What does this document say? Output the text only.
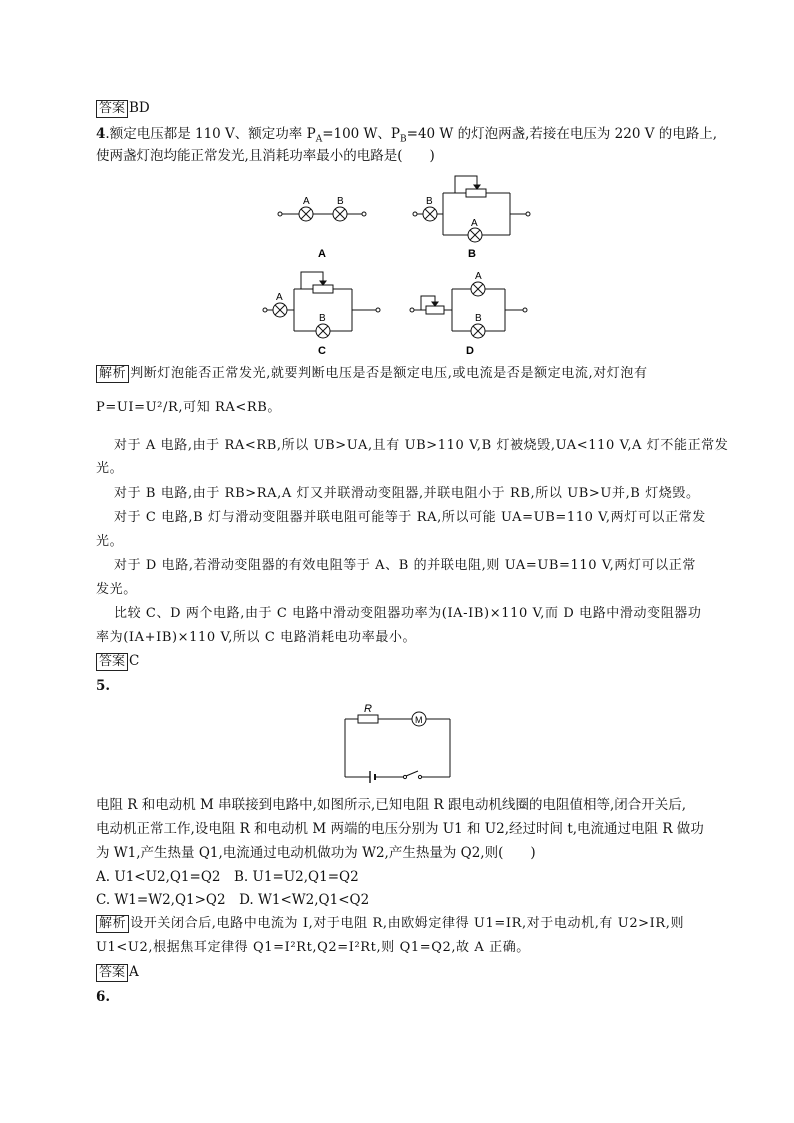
答案 BD
4.额定电压都是 110 V、额定功率 $P_A=100$ W、$P_B=40$ W 的灯泡两盏,若接在电压为 220 V 的电路上,
使两盏灯泡均能正常发光,且消耗功率最小的电路是(　　)
A	B
A
B
A
B
A
B
C
A
B
D
解析 判断灯泡能否正常发光,就要判断电压是否是额定电压,或电流是否是额定电流,对灯泡有
P=UI=U²/R,可知 RA<RB。
对于 A 电路,由于 RA<RB,所以 UB>UA,且有 UB>110 V,B 灯被烧毁,UA<110 V,A 灯不能正常发
光。
对于 B 电路,由于 RB>RA,A 灯又并联滑动变阻器,并联电阻小于 RB,所以 UB>U并,B 灯烧毁。
对于 C 电路,B 灯与滑动变阻器并联电阻可能等于 RA,所以可能 UA=UB=110 V,两灯可以正常发
光。
对于 D 电路,若滑动变阻器的有效电阻等于 A、B 的并联电阻,则 UA=UB=110 V,两灯可以正常
发光。
比较 C、D 两个电路,由于 C 电路中滑动变阻器功率为(IA-IB)×110 V,而 D 电路中滑动变阻器功
率为(IA+IB)×110 V,所以 C 电路消耗电功率最小。
答案 C
5.
R
M
电阻 R 和电动机 M 串联接到电路中,如图所示,已知电阻 R 跟电动机线圈的电阻值相等,闭合开关后,
电动机正常工作,设电阻 R 和电动机 M 两端的电压分别为 U1 和 U2,经过时间 t,电流通过电阻 R 做功
为 W1,产生热量 Q1,电流通过电动机做功为 W2,产生热量为 Q2,则(　　)
A. U1<U2,Q1=Q2　B. U1=U2,Q1=Q2
C. W1=W2,Q1>Q2　D. W1<W2,Q1<Q2
解析 设开关闭合后,电路中电流为 I,对于电阻 R,由欧姆定律得 U1=IR,对于电动机,有 U2>IR,则
U1<U2,根据焦耳定律得 Q1=I²Rt,Q2=I²Rt,则 Q1=Q2,故 A 正确。
答案 A
6.
